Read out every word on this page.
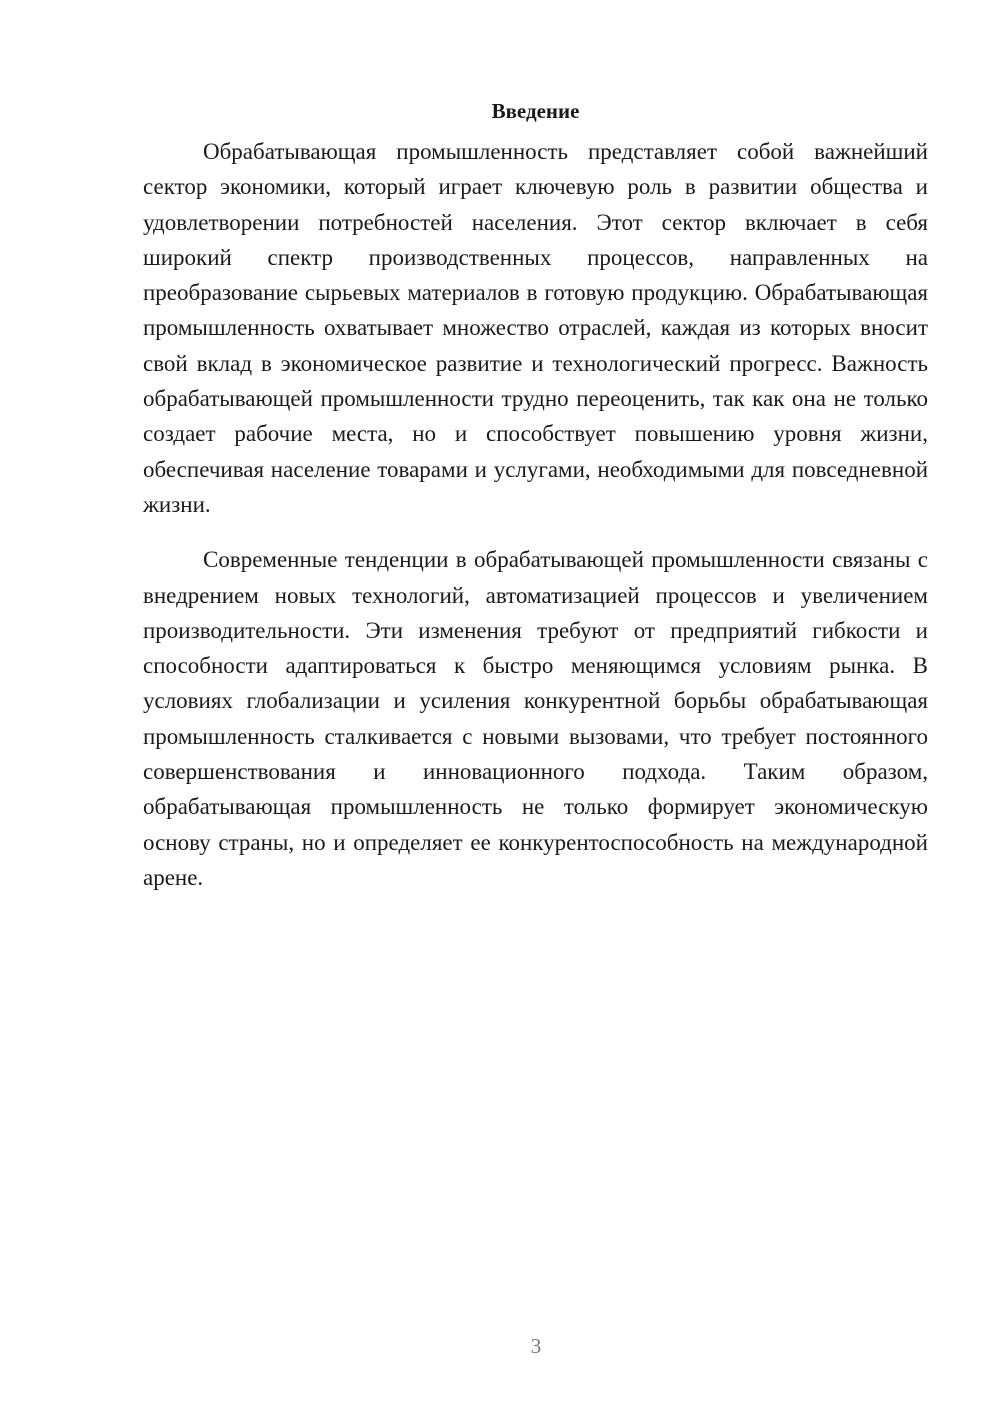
Введение

Обрабатывающая промышленность представляет собой важнейший сектор экономики, который играет ключевую роль в развитии общества и удовлетворении потребностей населения. Этот сектор включает в себя широкий спектр производственных процессов, направленных на преобразование сырьевых материалов в готовую продукцию. Обрабатывающая промышленность охватывает множество отраслей, каждая из которых вносит свой вклад в экономическое развитие и технологический прогресс. Важность обрабатывающей промышленности трудно переоценить, так как она не только создает рабочие места, но и способствует повышению уровня жизни, обеспечивая население товарами и услугами, необходимыми для повседневной жизни.

Современные тенденции в обрабатывающей промышленности связаны с внедрением новых технологий, автоматизацией процессов и увеличением производительности. Эти изменения требуют от предприятий гибкости и способности адаптироваться к быстро меняющимся условиям рынка. В условиях глобализации и усиления конкурентной борьбы обрабатывающая промышленность сталкивается с новыми вызовами, что требует постоянного совершенствования и инновационного подхода. Таким образом, обрабатывающая промышленность не только формирует экономическую основу страны, но и определяет ее конкурентоспособность на международной арене.

3
